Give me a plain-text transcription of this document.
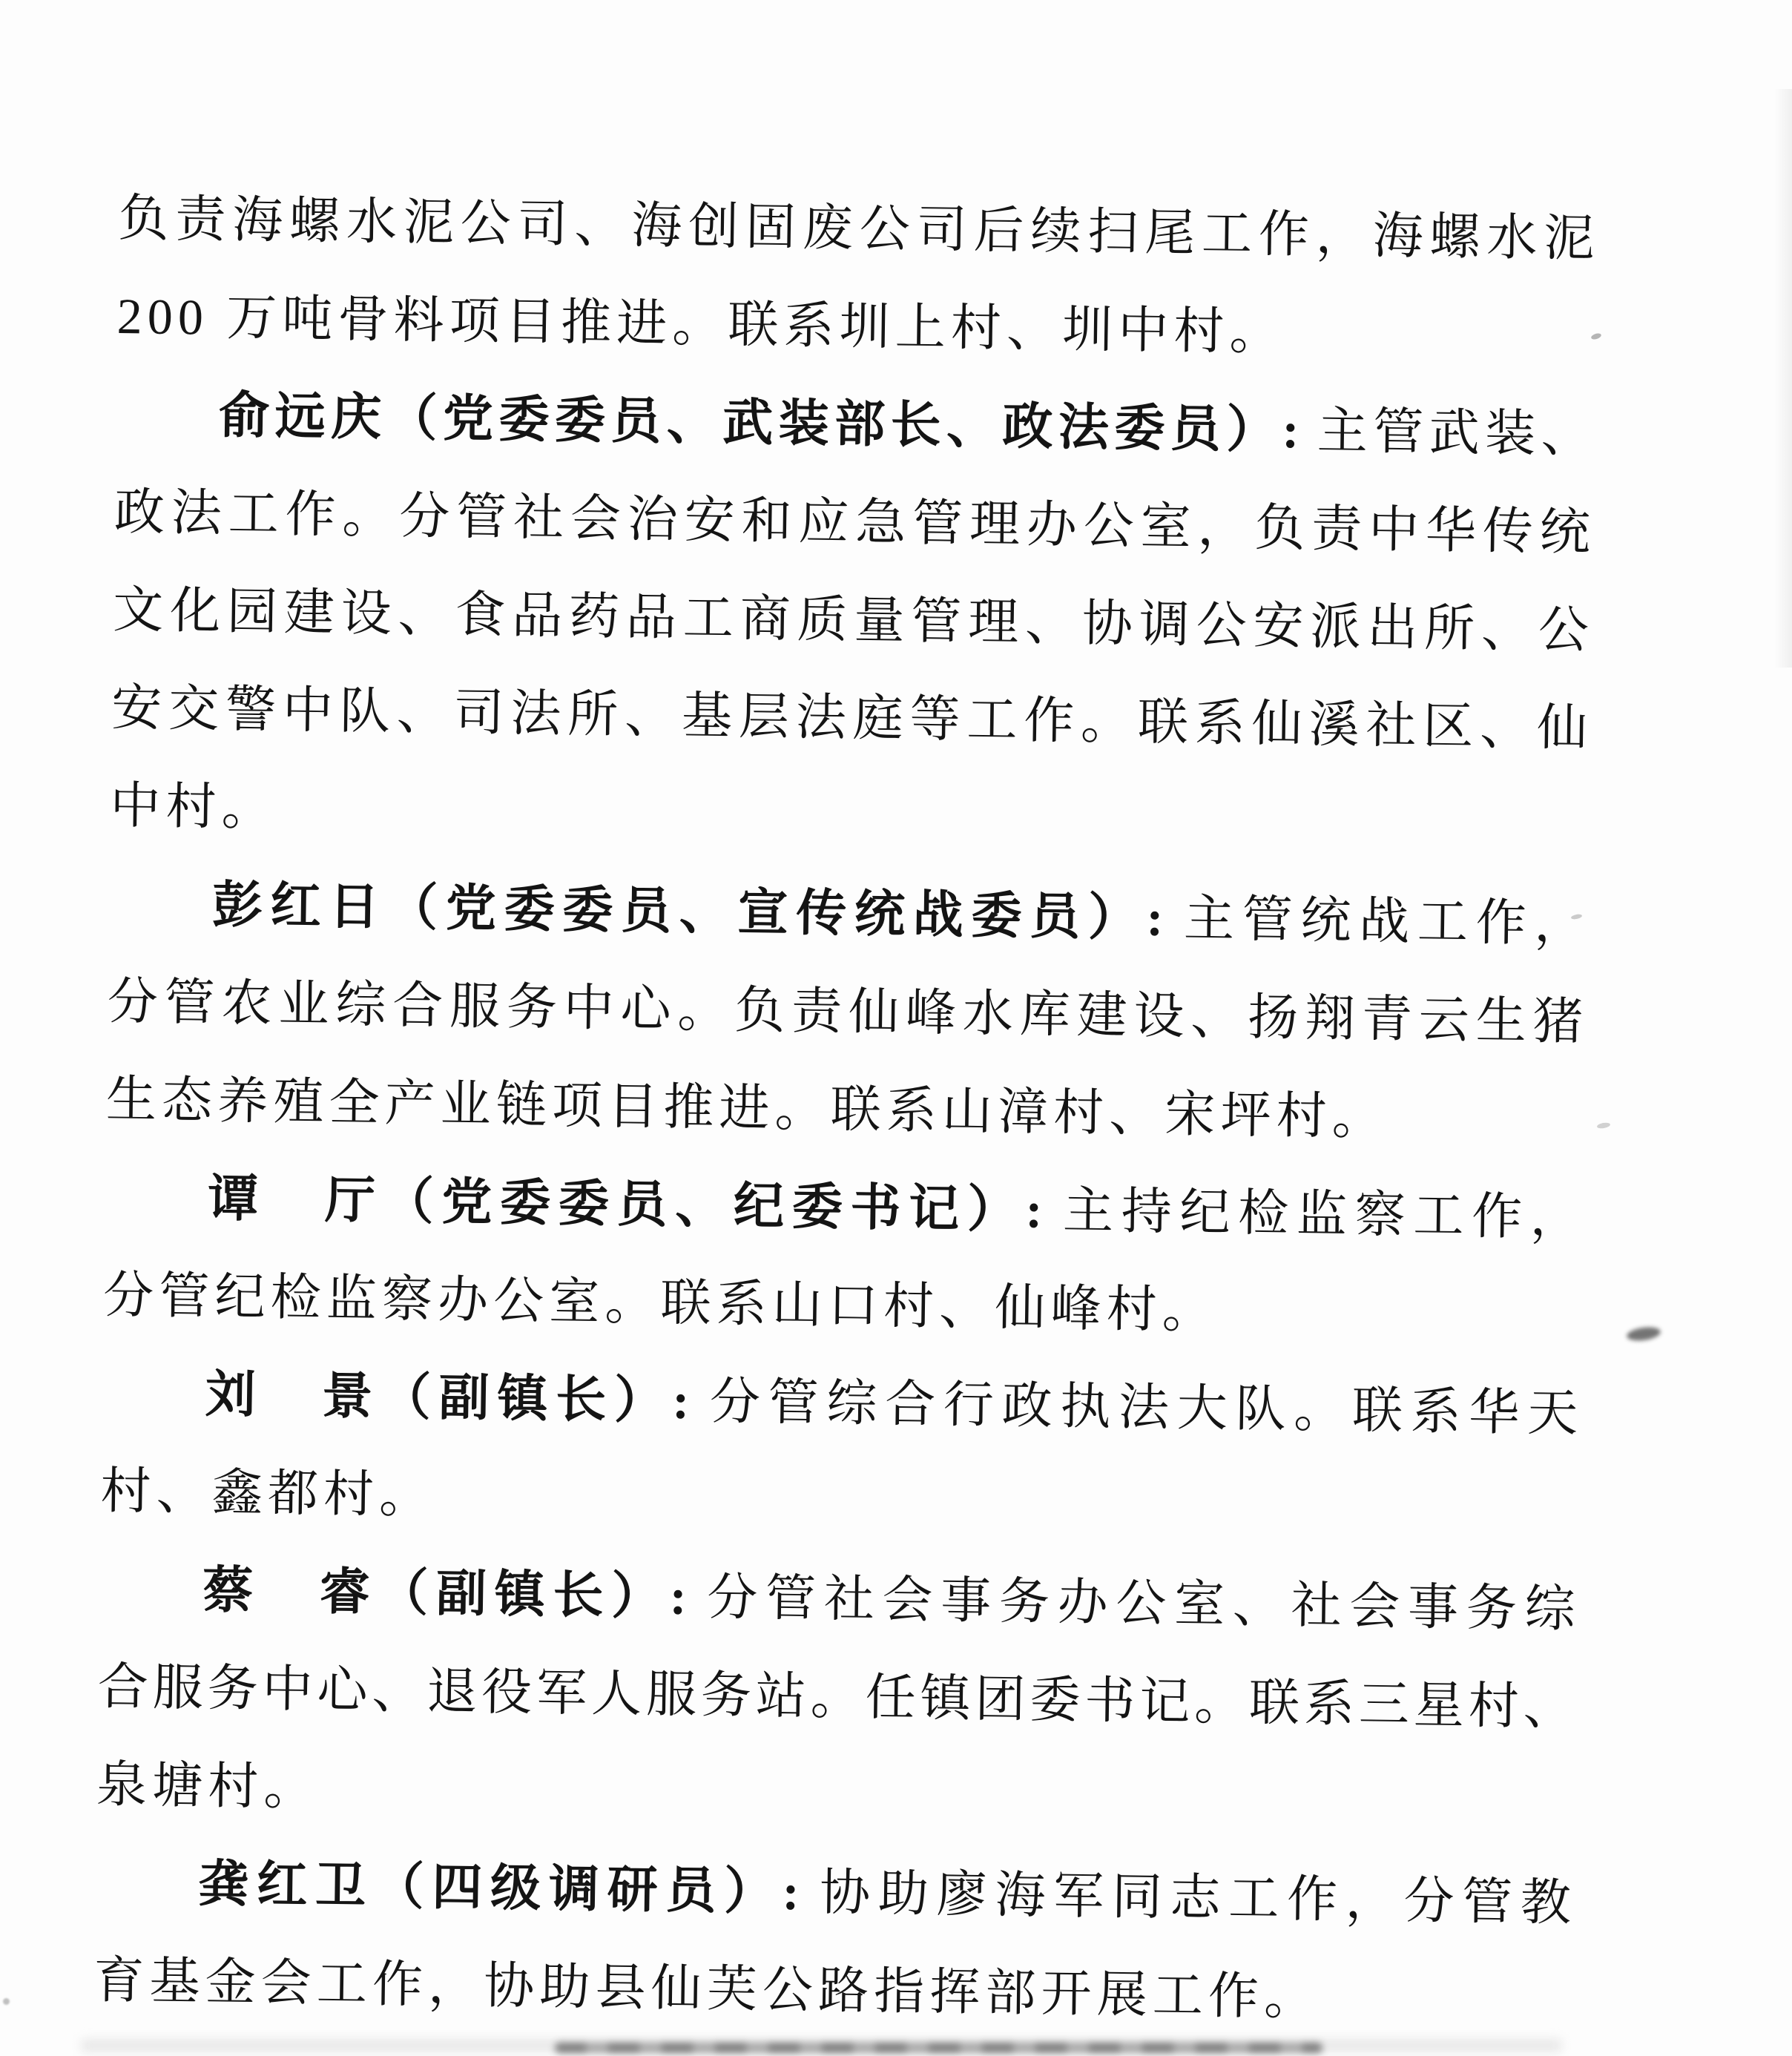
负责海螺水泥公司、海创固废公司后续扫尾工作，海螺水泥
200 万吨骨料项目推进。联系圳上村、圳中村。
俞远庆（党委委员、武装部长、政法委员）: 主管武装、
政法工作。分管社会治安和应急管理办公室，负责中华传统
文化园建设、食品药品工商质量管理、协调公安派出所、公
安交警中队、司法所、基层法庭等工作。联系仙溪社区、仙
中村。
彭红日（党委委员、宣传统战委员）: 主管统战工作，
分管农业综合服务中心。负责仙峰水库建设、扬翔青云生猪
生态养殖全产业链项目推进。联系山漳村、宋坪村。
谭　厅（党委委员、纪委书记）: 主持纪检监察工作，
分管纪检监察办公室。联系山口村、仙峰村。
刘　景（副镇长）: 分管综合行政执法大队。联系华天
村、鑫都村。
蔡　睿（副镇长）: 分管社会事务办公室、社会事务综
合服务中心、退役军人服务站。任镇团委书记。联系三星村、
泉塘村。
龚红卫（四级调研员）: 协助廖海军同志工作，分管教
育基金会工作，协助县仙芙公路指挥部开展工作。
